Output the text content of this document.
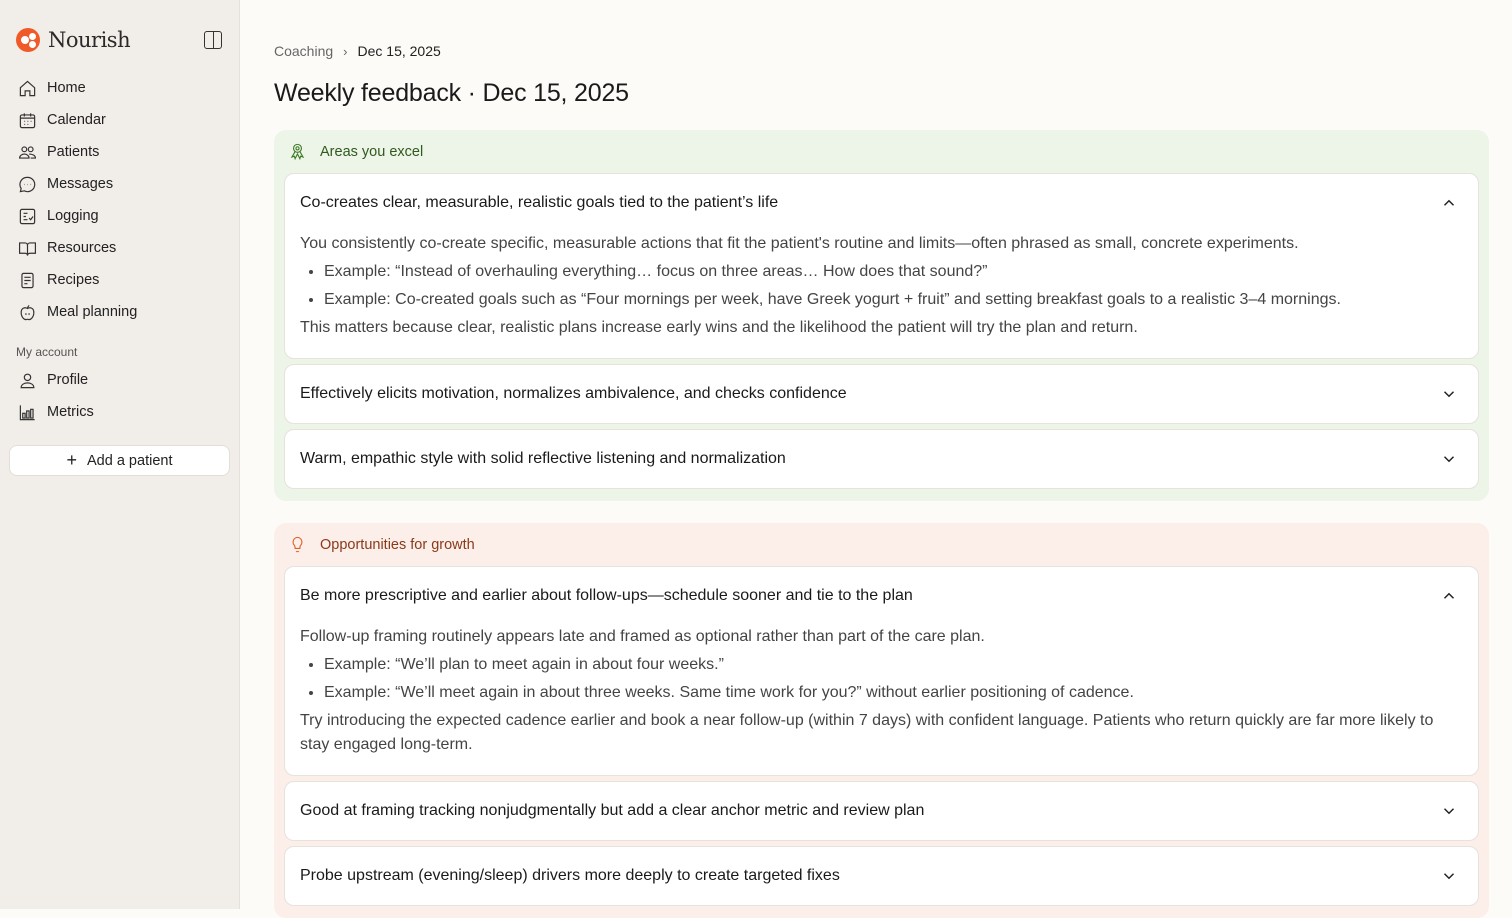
Nourish
Home
Calendar
Patients
Messages
Logging
Resources
Recipes
Meal planning
My account
Profile
Metrics
+ Add a patient
Coaching › Dec 15, 2025
Weekly feedback · Dec 15, 2025
Areas you excel
Co-creates clear, measurable, realistic goals tied to the patient’s life

You consistently co-create specific, measurable actions that fit the patient's routine and limits—often phrased as small, concrete experiments.

• Example: “Instead of overhauling everything… focus on three areas… How does that sound?”
• Example: Co-created goals such as “Four mornings per week, have Greek yogurt + fruit” and setting breakfast goals to a realistic 3–4 mornings.

This matters because clear, realistic plans increase early wins and the likelihood the patient will try the plan and return.

Effectively elicits motivation, normalizes ambivalence, and checks confidence
Warm, empathic style with solid reflective listening and normalization
Opportunities for growth
Be more prescriptive and earlier about follow-ups—schedule sooner and tie to the plan

Follow-up framing routinely appears late and framed as optional rather than part of the care plan.

• Example: “We’ll plan to meet again in about four weeks.”
• Example: “We’ll meet again in about three weeks. Same time work for you?” without earlier positioning of cadence.

Try introducing the expected cadence earlier and book a near follow-up (within 7 days) with confident language. Patients who return quickly are far more likely to stay engaged long-term.

Good at framing tracking nonjudgmentally but add a clear anchor metric and review plan
Probe upstream (evening/sleep) drivers more deeply to create targeted fixes
